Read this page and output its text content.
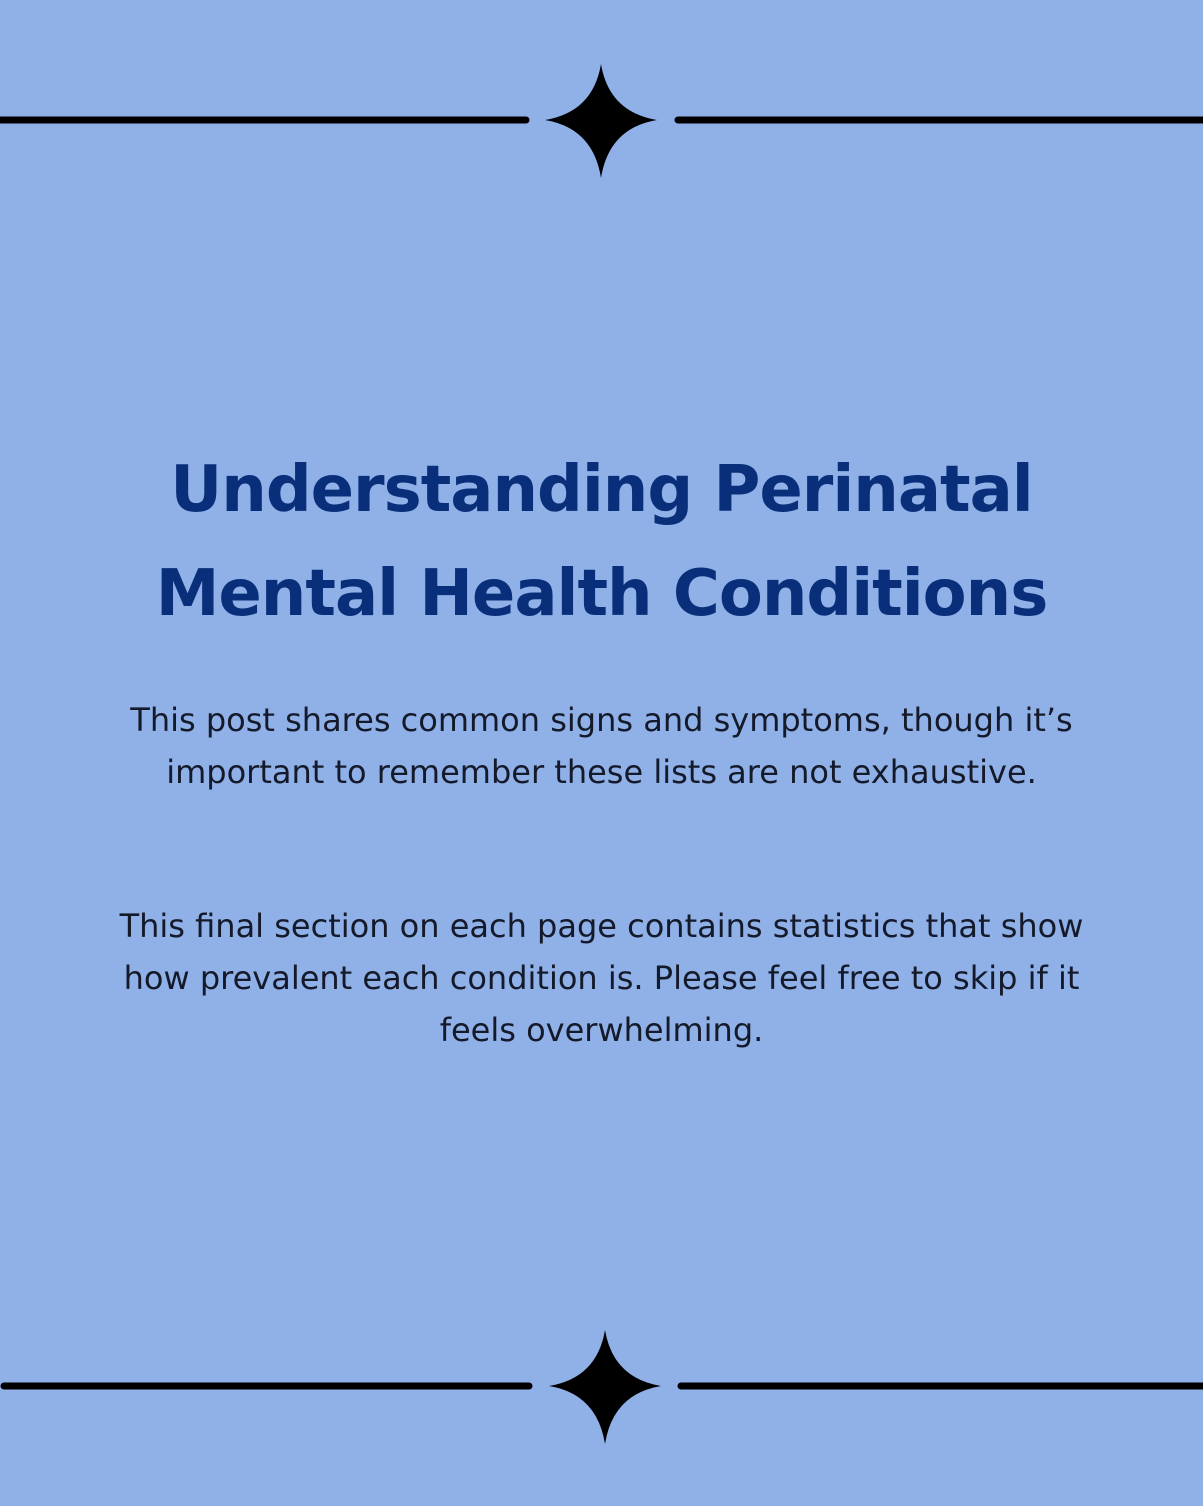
Understanding Perinatal Mental Health Conditions

This post shares common signs and symptoms, though it’s important to remember these lists are not exhaustive.

This final section on each page contains statistics that show how prevalent each condition is. Please feel free to skip if it feels overwhelming.
